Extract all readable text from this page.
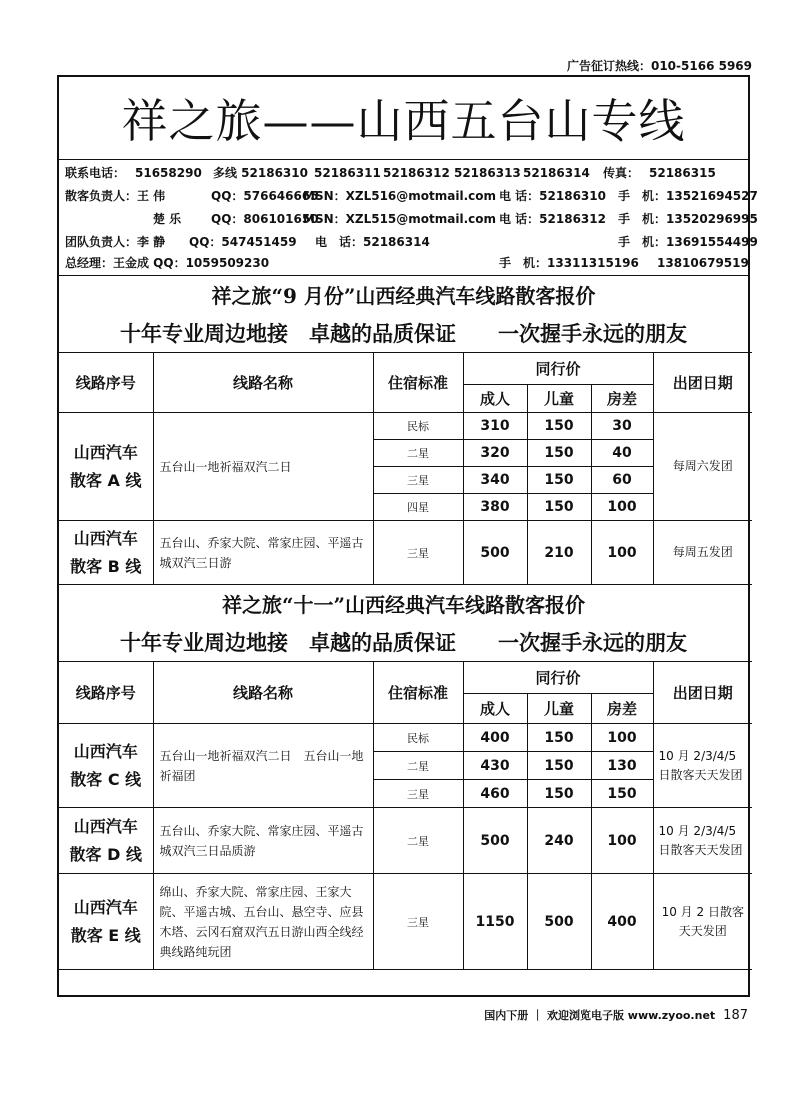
广告征订热线：010-5166 5969
祥之旅——山西五台山专线
联系电话： 51658290 多线 52186310 52186311 52186312 52186313 52186314 传真： 52186315
散客负责人：王 伟	QQ：576646665
MSN：XZL516@motmail.com 电 话：52186310 手 机：13521694527
楚 乐 QQ：806101650
MSN：XZL515@motmail.com 电 话：52186312 手 机：13520296995
团队负责人：李 静 QQ：547451459 电　话：52186314	手 机：13691554499
总经理：王金成 QQ：1059509230	手　机：13311315196 13810679519
祥之旅“9 月份”山西经典汽车线路散客报价
十年专业周边地接　卓越的品质保证　　一次握手永远的朋友
线路序号	线路名称	住宿标准	同行价			出团日期
			成人	儿童	房差	

山西汽车
散客 A 线	五台山一地祈福双汽二日	民标	310	150	30	每周六发团
		二星	320	150	40	
		三星	340	150	60	
		四星	380	150	100	

山西汽车
散客 B 线	五台山、乔家大院、常家庄园、平遥古城双汽三日游	三星	500	210	100	每周五发团
祥之旅“十一”山西经典汽车线路散客报价
十年专业周边地接　卓越的品质保证　　一次握手永远的朋友
线路序号	线路名称	住宿标准	同行价			出团日期
			成人	儿童	房差	

山西汽车
散客 C 线	五台山一地祈福双汽二日　五台山一地祈福团	民标	400	150	100	10 月 2/3/4/5 日散客天天发团
		二星	430	150	130	
		三星	460	150	150	

山西汽车
散客 D 线	五台山、乔家大院、常家庄园、平遥古城双汽三日品质游	二星	500	240	100	10 月 2/3/4/5 日散客天天发团

山西汽车
散客 E 线	绵山、乔家大院、常家庄园、王家大院、平遥古城、五台山、悬空寺、应县木塔、云冈石窟双汽五日游山西全线经典线路纯玩团	三星	1150	500	400	10 月 2 日散客天天发团
国内下册 ｜ 欢迎浏览电子版 www.zyoo.net 187
